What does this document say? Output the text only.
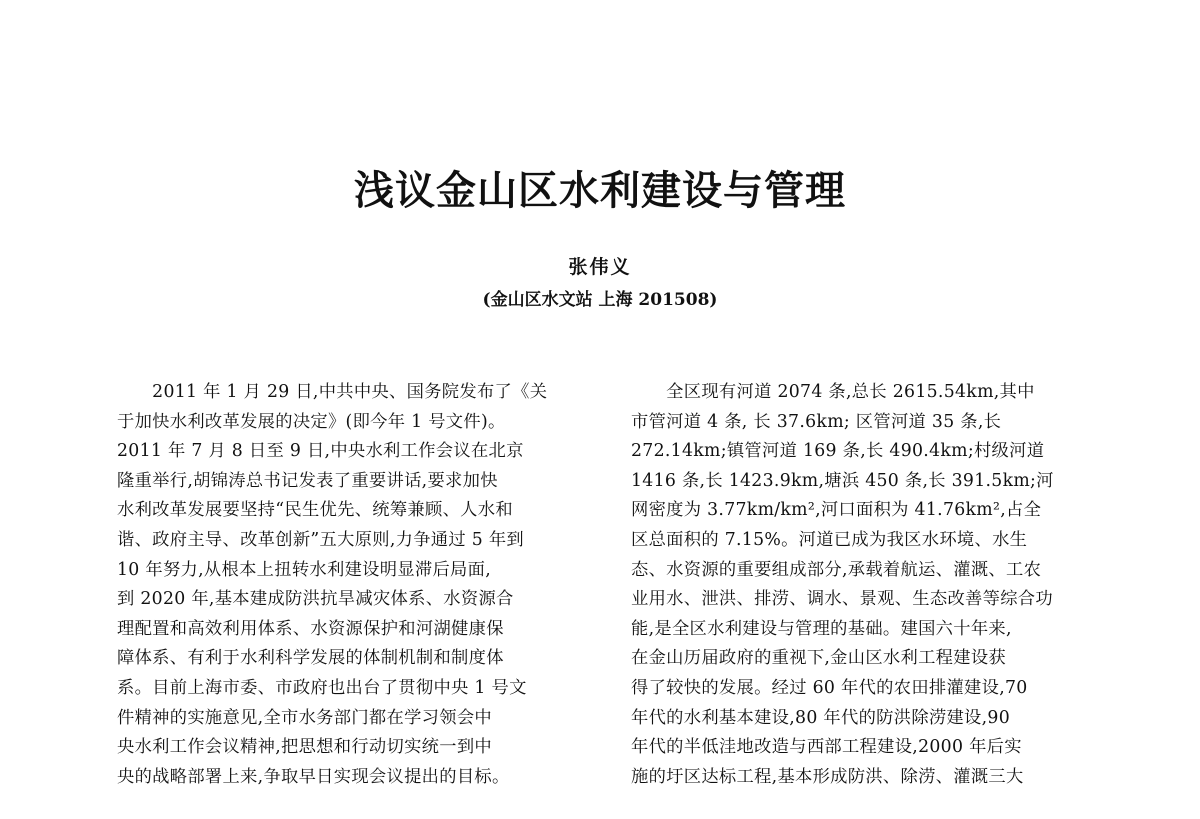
浅议金山区水利建设与管理
张伟义
(金山区水文站 上海 201508)
　　2011 年 1 月 29 日,中共中央、国务院发布了《关
于加快水利改革发展的决定》(即今年 1 号文件)。
2011 年 7 月 8 日至 9 日,中央水利工作会议在北京
隆重举行,胡锦涛总书记发表了重要讲话,要求加快
水利改革发展要坚持“民生优先、统筹兼顾、人水和
谐、政府主导、改革创新”五大原则,力争通过 5 年到
10 年努力,从根本上扭转水利建设明显滞后局面,
到 2020 年,基本建成防洪抗旱减灾体系、水资源合
理配置和高效利用体系、水资源保护和河湖健康保
障体系、有利于水利科学发展的体制机制和制度体
系。目前上海市委、市政府也出台了贯彻中央 1 号文
件精神的实施意见,全市水务部门都在学习领会中
央水利工作会议精神,把思想和行动切实统一到中
央的战略部署上来,争取早日实现会议提出的目标。
　　全区现有河道 2074 条,总长 2615.54km,其中
市管河道 4 条, 长 37.6km; 区管河道 35 条,长
272.14km;镇管河道 169 条,长 490.4km;村级河道
1416 条,长 1423.9km,塘浜 450 条,长 391.5km;河
网密度为 3.77km/km²,河口面积为 41.76km²,占全
区总面积的 7.15%。河道已成为我区水环境、水生
态、水资源的重要组成部分,承载着航运、灌溉、工农
业用水、泄洪、排涝、调水、景观、生态改善等综合功
能,是全区水利建设与管理的基础。建国六十年来,
在金山历届政府的重视下,金山区水利工程建设获
得了较快的发展。经过 60 年代的农田排灌建设,70
年代的水利基本建设,80 年代的防洪除涝建设,90
年代的半低洼地改造与西部工程建设,2000 年后实
施的圩区达标工程,基本形成防洪、除涝、灌溉三大
